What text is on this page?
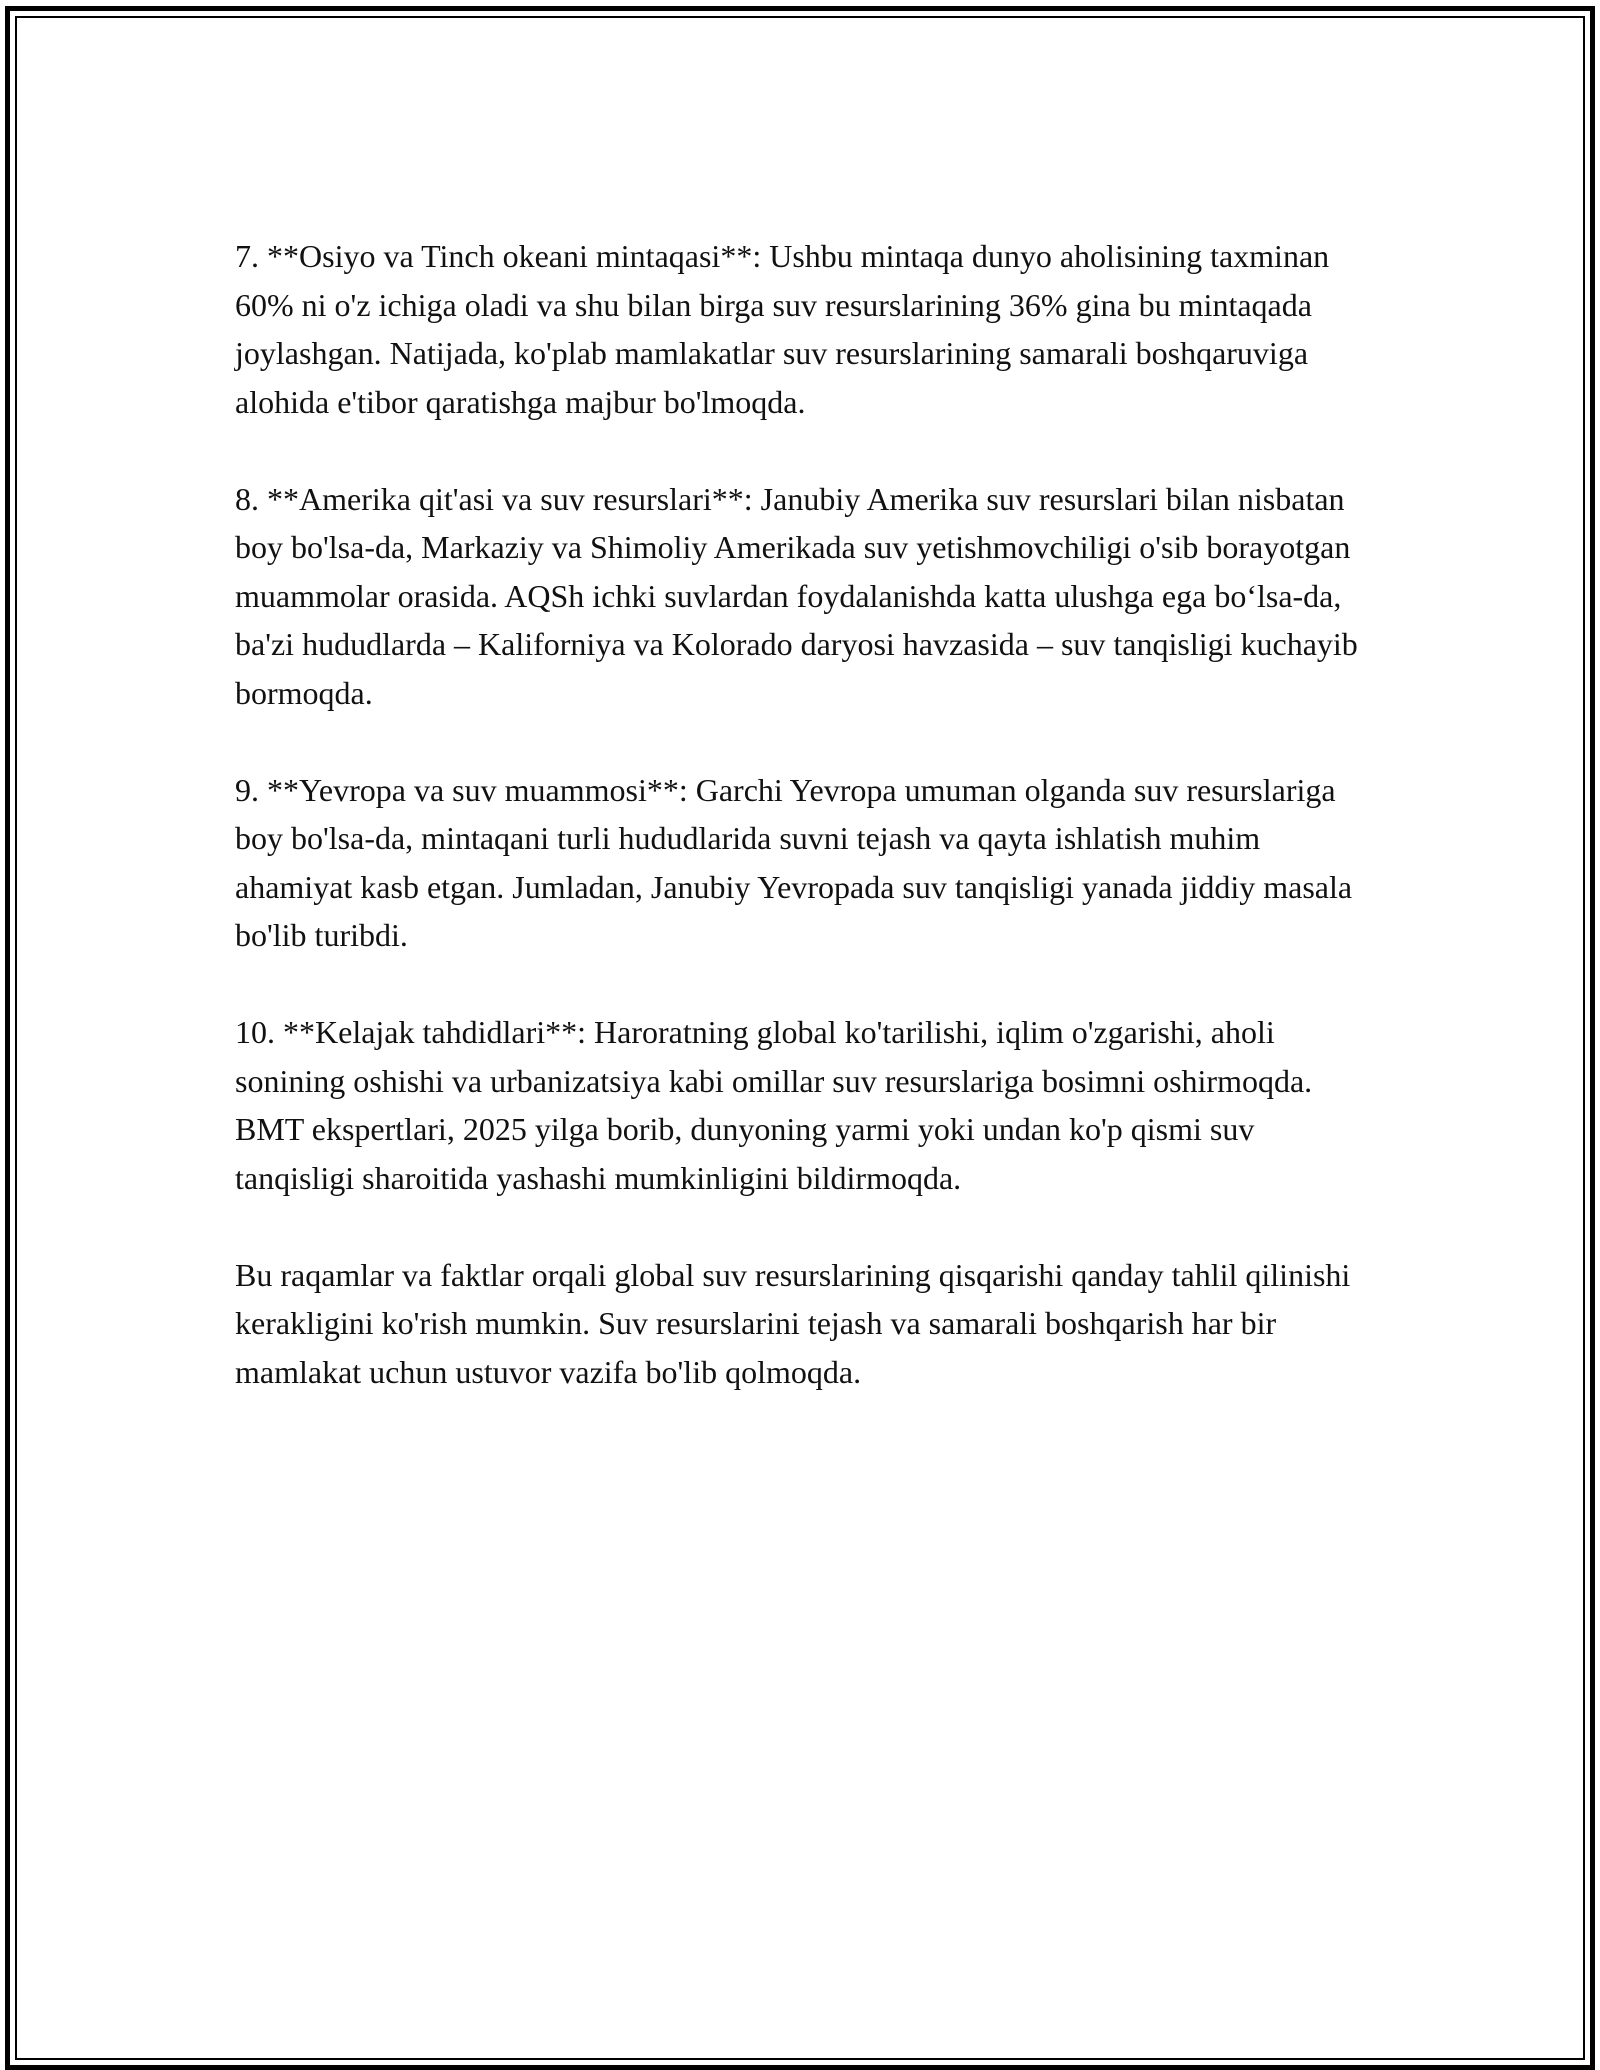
7. **Osiyo va Tinch okeani mintaqasi**: Ushbu mintaqa dunyo aholisining taxminan 60% ni o'z ichiga oladi va shu bilan birga suv resurslarining 36% gina bu mintaqada joylashgan. Natijada, ko'plab mamlakatlar suv resurslarining samarali boshqaruviga alohida e'tibor qaratishga majbur bo'lmoqda.

8. **Amerika qit'asi va suv resurslari**: Janubiy Amerika suv resurslari bilan nisbatan boy bo'lsa-da, Markaziy va Shimoliy Amerikada suv yetishmovchiligi o'sib borayotgan muammolar orasida. AQSh ichki suvlardan foydalanishda katta ulushga ega bo‘lsa-da, ba'zi hududlarda – Kaliforniya va Kolorado daryosi havzasida – suv tanqisligi kuchayib bormoqda.

9. **Yevropa va suv muammosi**: Garchi Yevropa umuman olganda suv resurslariga boy bo'lsa-da, mintaqani turli hududlarida suvni tejash va qayta ishlatish muhim ahamiyat kasb etgan. Jumladan, Janubiy Yevropada suv tanqisligi yanada jiddiy masala bo'lib turibdi.

10. **Kelajak tahdidlari**: Haroratning global ko'tarilishi, iqlim o'zgarishi, aholi sonining oshishi va urbanizatsiya kabi omillar suv resurslariga bosimni oshirmoqda. BMT ekspertlari, 2025 yilga borib, dunyoning yarmi yoki undan ko'p qismi suv tanqisligi sharoitida yashashi mumkinligini bildirmoqda.

Bu raqamlar va faktlar orqali global suv resurslarining qisqarishi qanday tahlil qilinishi kerakligini ko'rish mumkin. Suv resurslarini tejash va samarali boshqarish har bir mamlakat uchun ustuvor vazifa bo'lib qolmoqda.
